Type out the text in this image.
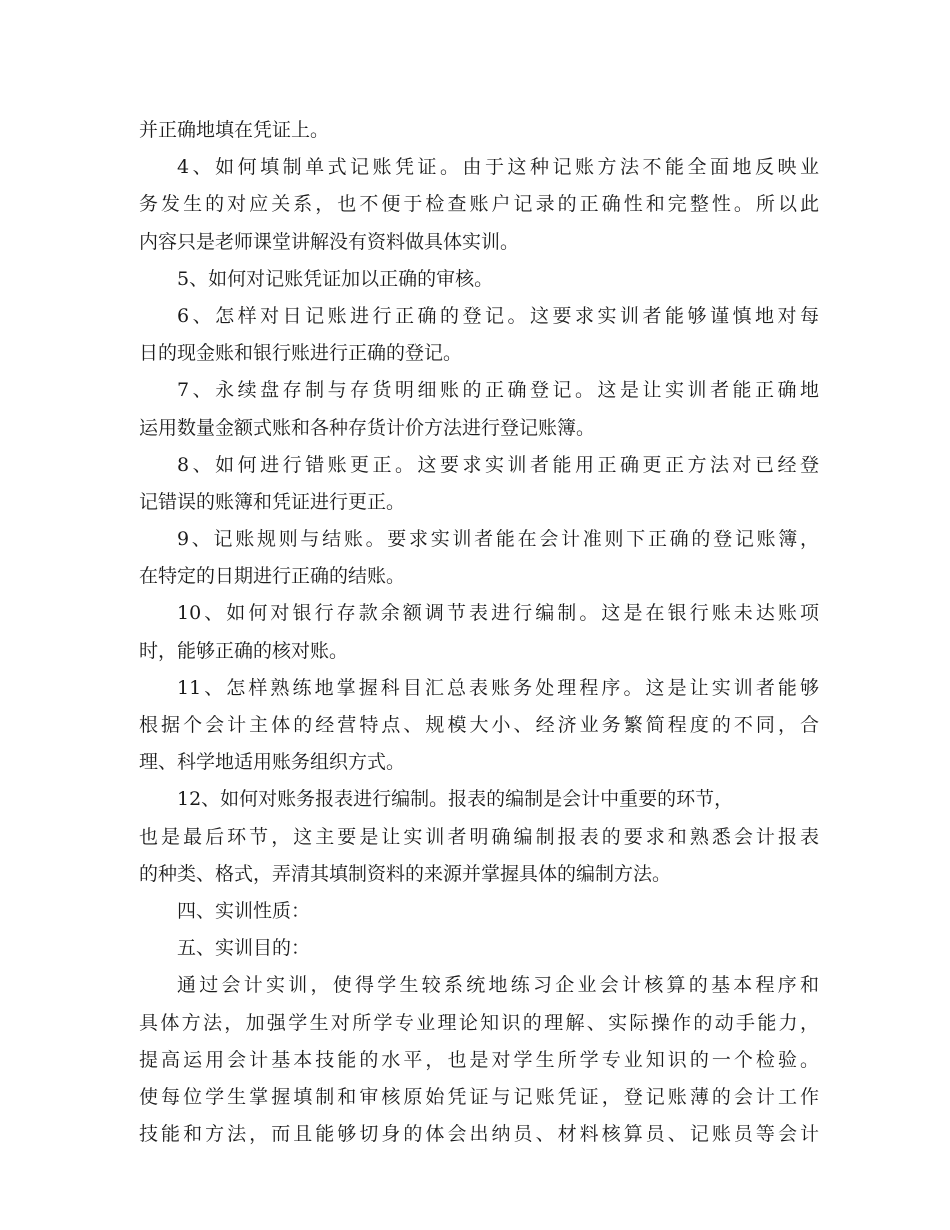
并正确地填在凭证上。
4、如何填制单式记账凭证。由于这种记账方法不能全面地反映业
务发生的对应关系，也不便于检查账户记录的正确性和完整性。所以此
内容只是老师课堂讲解没有资料做具体实训。
5、如何对记账凭证加以正确的审核。
6、怎样对日记账进行正确的登记。这要求实训者能够谨慎地对每
日的现金账和银行账进行正确的登记。
7、永续盘存制与存货明细账的正确登记。这是让实训者能正确地
运用数量金额式账和各种存货计价方法进行登记账簿。
8、如何进行错账更正。这要求实训者能用正确更正方法对已经登
记错误的账簿和凭证进行更正。
9、记账规则与结账。要求实训者能在会计准则下正确的登记账簿，
在特定的日期进行正确的结账。
10、如何对银行存款余额调节表进行编制。这是在银行账未达账项
时，能够正确的核对账。
11、怎样熟练地掌握科目汇总表账务处理程序。这是让实训者能够
根据个会计主体的经营特点、规模大小、经济业务繁简程度的不同，合
理、科学地适用账务组织方式。
12、如何对账务报表进行编制。报表的编制是会计中重要的环节，
也是最后环节，这主要是让实训者明确编制报表的要求和熟悉会计报表
的种类、格式，弄清其填制资料的来源并掌握具体的编制方法。
四、实训性质：
五、实训目的：
通过会计实训，使得学生较系统地练习企业会计核算的基本程序和
具体方法，加强学生对所学专业理论知识的理解、实际操作的动手能力，
提高运用会计基本技能的水平，也是对学生所学专业知识的一个检验。
使每位学生掌握填制和审核原始凭证与记账凭证，登记账薄的会计工作
技能和方法，而且能够切身的体会出纳员、材料核算员、记账员等会计
